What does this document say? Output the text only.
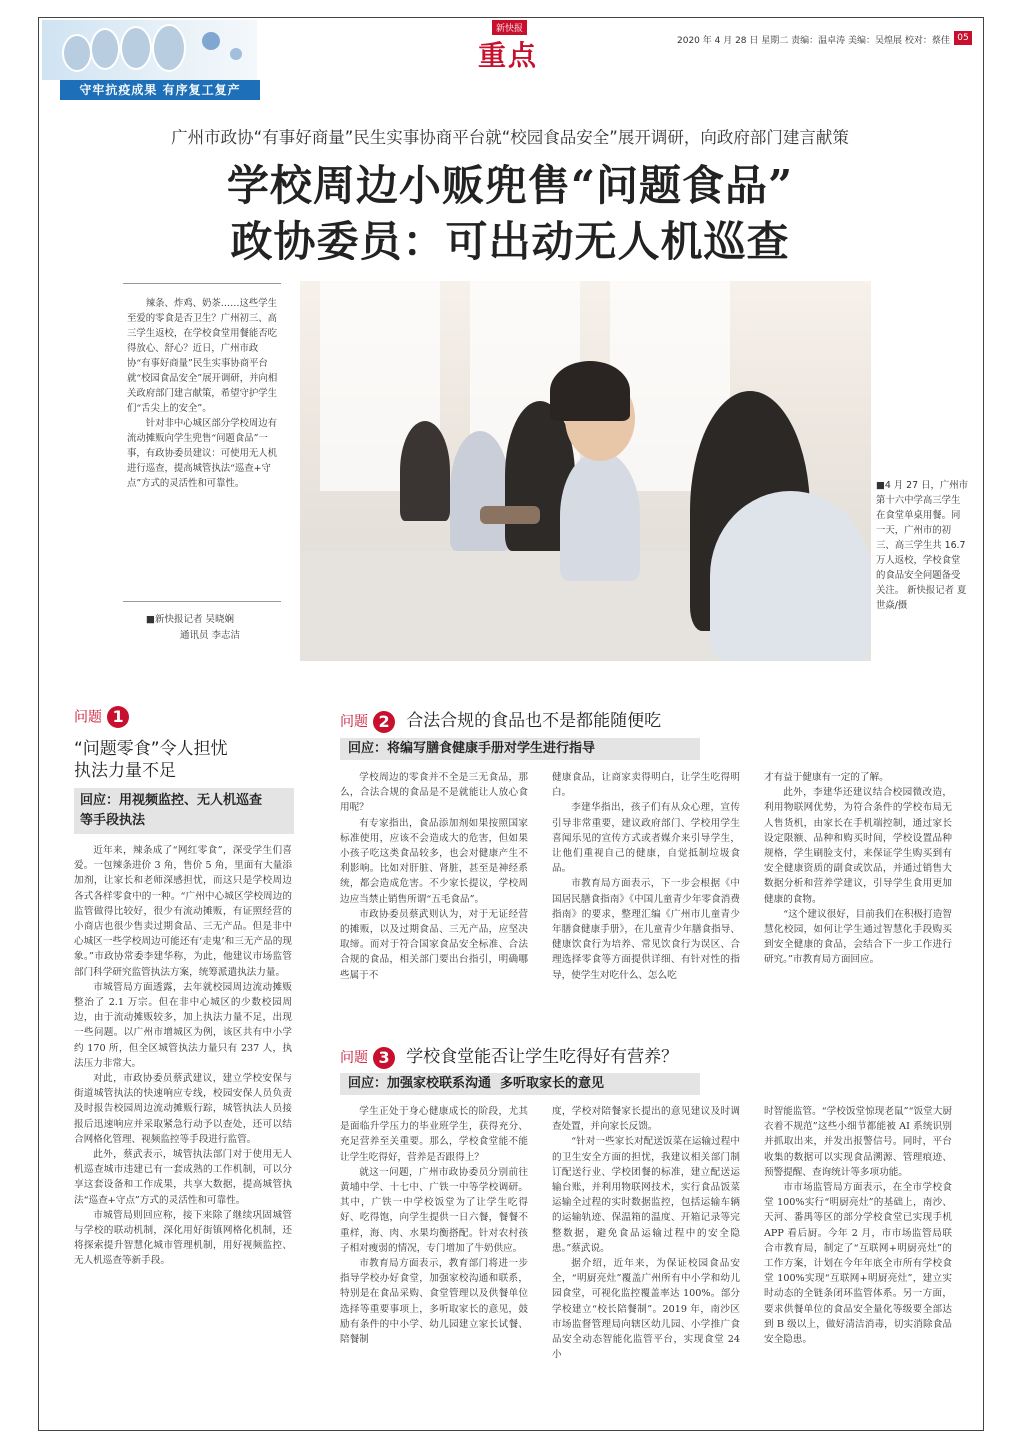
守牢抗疫成果 有序复工复产
新快报
重点	2020 年 4 月 28 日 星期二 责编：温卓涛 美编：吴煌展 校对：蔡佳 05
广州市政协“有事好商量”民生实事协商平台就“校园食品安全”展开调研，向政府部门建言献策
学校周边小贩兜售“问题食品”
政协委员：可出动无人机巡查

辣条、炸鸡、奶茶……这些学生至爱的零食是否卫生？广州初三、高三学生返校，在学校食堂用餐能否吃得放心、舒心？近日，广州市政协“有事好商量”民生实事协商平台就“校园食品安全”展开调研，并向相关政府部门建言献策，希望守护学生们“舌尖上的安全”。

针对非中心城区部分学校周边有流动摊贩向学生兜售“问题食品”一事，有政协委员建议：可使用无人机进行巡查，提高城管执法“巡查+守点”方式的灵活性和可靠性。

■新快报记者 吴晓娴
通讯员 李志洁
■4 月 27 日，广州市第十六中学高三学生在食堂单桌用餐。同一天，广州市的初三、高三学生共 16.7 万人返校，学校食堂的食品安全问题备受关注。 新快报记者 夏世焱/摄
问题 1
“问题零食”令人担忧
执法力量不足
回应：用视频监控、无人机巡查
等手段执法

近年来，辣条成了“网红零食”，深受学生们喜爱。一包辣条进价 3 角，售价 5 角，里面有大量添加剂，让家长和老师深感担忧，而这只是学校周边各式各样零食中的一种。“广州中心城区学校周边的监管做得比较好，很少有流动摊贩，有证照经营的小商店也很少售卖过期食品、三无产品。但是非中心城区一些学校周边可能还有‘走鬼’和三无产品的现象。”市政协常委李建华称，为此，他建议市场监管部门科学研究监管执法方案，统筹派遣执法力量。

市城管局方面透露，去年就校园周边流动摊贩整治了 2.1 万宗。但在非中心城区的少数校园周边，由于流动摊贩较多，加上执法力量不足，出现一些问题。以广州市增城区为例，该区共有中小学约 170 所，但全区城管执法力量只有 237 人，执法压力非常大。

对此，市政协委员蔡武建议，建立学校安保与街道城管执法的快速响应专线，校园安保人员负责及时报告校园周边流动摊贩行踪，城管执法人员接报后迅速响应并采取紧急行动予以查处，还可以结合网格化管理、视频监控等手段进行监管。

此外，蔡武表示，城管执法部门对于使用无人机巡查城市违建已有一套成熟的工作机制，可以分享这套设备和工作成果，共享大数据，提高城管执法“巡查+守点”方式的灵活性和可靠性。

市城管局则回应称，接下来除了继续巩固城管与学校的联动机制，深化用好街镇网格化机制，还将探索提升智慧化城市管理机制，用好视频监控、无人机巡查等新手段。

问题 2 合法合规的食品也不是都能随便吃
回应：将编写膳食健康手册对学生进行指导

学校周边的零食并不全是三无食品，那么，合法合规的食品是不是就能让人放心食用呢？

有专家指出，食品添加剂如果按照国家标准使用，应该不会造成大的危害，但如果小孩子吃这类食品较多，也会对健康产生不利影响。比如对肝脏、肾脏，甚至是神经系统，都会造成危害。不少家长提议，学校周边应当禁止销售所谓“五毛食品”。

市政协委员蔡武则认为，对于无证经营的摊贩，以及过期食品、三无产品，应坚决取缔。而对于符合国家食品安全标准、合法合规的食品，相关部门要出台指引，明确哪些属于不

健康食品，让商家卖得明白，让学生吃得明白。

李建华指出，孩子们有从众心理，宣传引导非常重要，建议政府部门、学校用学生喜闻乐见的宣传方式或者媒介来引导学生，让他们重视自己的健康，自觉抵制垃圾食品。

市教育局方面表示，下一步会根据《中国居民膳食指南》《中国儿童青少年零食消费指南》的要求，整理汇编《广州市儿童青少年膳食健康手册》，在儿童青少年膳食指导、健康饮食行为培养、常见饮食行为误区、合理选择零食等方面提供详细、有针对性的指导，使学生对吃什么、怎么吃

才有益于健康有一定的了解。

此外，李建华还建议结合校园微改造，利用物联网优势，为符合条件的学校布局无人售货机，由家长在手机端控制，通过家长设定限额、品种和购买时间，学校设置品种规格，学生刷脸支付，来保证学生购买到有安全健康资质的副食或饮品，并通过销售大数据分析和营养学建议，引导学生食用更加健康的食物。

“这个建议很好，目前我们在积极打造智慧化校园，如何让学生通过智慧化手段购买到安全健康的食品，会结合下一步工作进行研究。”市教育局方面回应。

问题 3 学校食堂能否让学生吃得好有营养？
回应：加强家校联系沟通  多听取家长的意见

学生正处于身心健康成长的阶段，尤其是面临升学压力的毕业班学生，获得充分、充足营养至关重要。那么，学校食堂能不能让学生吃得好，营养是否跟得上？

就这一问题，广州市政协委员分别前往黄埔中学、十七中、广铁一中等学校调研。其中，广铁一中学校饭堂为了让学生吃得好、吃得饱，向学生提供一日六餐，餐餐不重样，海、肉、水果均衡搭配。针对农村孩子相对瘦弱的情况，专门增加了牛奶供应。

市教育局方面表示，教育部门将进一步指导学校办好食堂，加强家校沟通和联系，特别是在食品采购、食堂管理以及供餐单位选择等重要事项上，多听取家长的意见，鼓励有条件的中小学、幼儿园建立家长试餐、陪餐制

度，学校对陪餐家长提出的意见建议及时调查处置，并向家长反馈。

“针对一些家长对配送饭菜在运输过程中的卫生安全方面的担忧，我建议相关部门制订配送行业、学校团餐的标准，建立配送运输台账，并利用物联网技术，实行食品饭菜运输全过程的实时数据监控，包括运输车辆的运输轨迹、保温箱的温度、开箱记录等完整数据，避免食品运输过程中的安全隐患。”蔡武说。

据介绍，近年来，为保证校园食品安全，“明厨亮灶”覆盖广州所有中小学和幼儿园食堂，可视化监控覆盖率达 100%。部分学校建立“校长陪餐制”。2019 年，南沙区市场监督管理局向辖区幼儿园、小学推广食品安全动态智能化监管平台，实现食堂 24 小

时智能监管。“学校饭堂惊现老鼠”“饭堂大厨衣着不规范”这些小细节都能被 AI 系统识别并抓取出来，并发出报警信号。同时，平台收集的数据可以实现食品溯源、管理痕迹、预警提醒、查询统计等多项功能。

市市场监管局方面表示，在全市学校食堂 100%实行“明厨亮灶”的基础上，南沙、天河、番禺等区的部分学校食堂已实现手机 APP 看后厨。今年 2 月，市市场监管局联合市教育局，制定了“互联网+明厨亮灶”的工作方案，计划在今年年底全市所有学校食堂 100%实现“互联网+明厨亮灶”，建立实时动态的全链条闭环监管体系。另一方面，要求供餐单位的食品安全量化等级要全部达到 B 级以上，做好清洁消毒，切实消除食品安全隐患。
